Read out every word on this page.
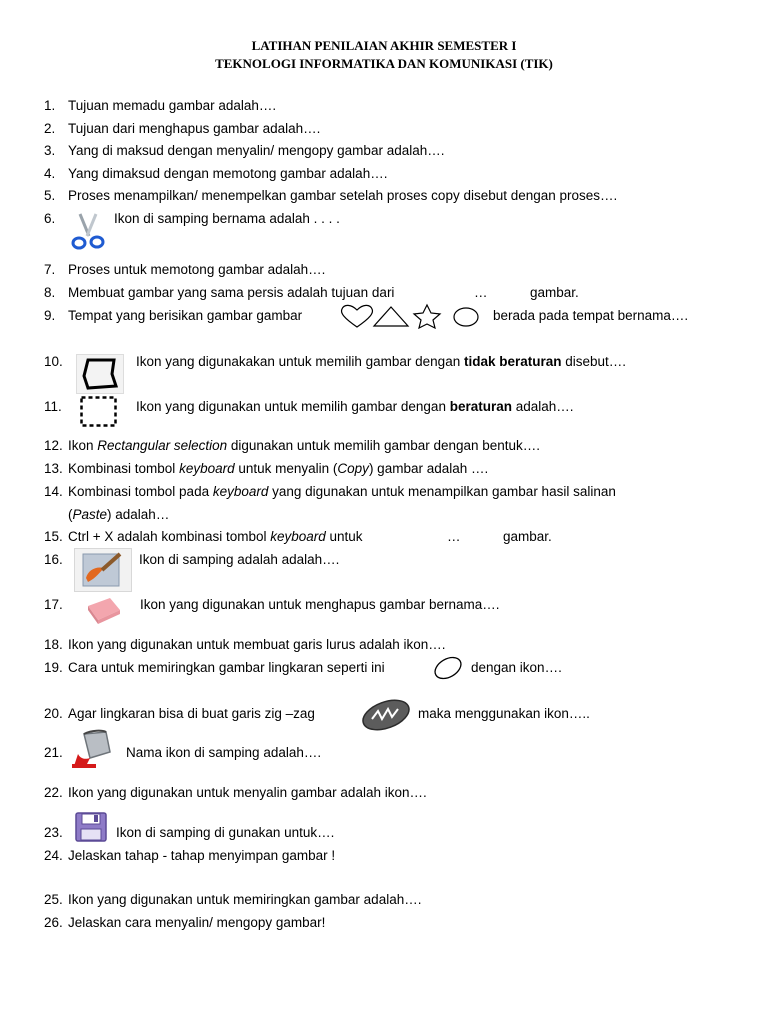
LATIHAN PENILAIAN AKHIR SEMESTER I
TEKNOLOGI INFORMATIKA DAN KOMUNIKASI (TIK)
1. Tujuan memadu gambar adalah….
2. Tujuan dari menghapus gambar adalah….
3. Yang di maksud dengan menyalin/ mengopy gambar adalah….
4. Yang dimaksud dengan memotong gambar adalah….
5. Proses menampilkan/ menempelkan gambar setelah proses copy disebut dengan proses….
6.	Ikon di samping bernama adalah . . . .
7. Proses untuk memotong gambar adalah….
8. Membuat gambar yang sama persis adalah tujuan dari	…	gambar.
9. Tempat yang berisikan gambar gambar	berada pada tempat bernama….
10.	Ikon yang digunakakan untuk memilih gambar dengan tidak beraturan disebut….
11.	Ikon yang digunakan untuk memilih gambar dengan beraturan adalah….
12. Ikon Rectangular selection digunakan untuk memilih gambar dengan bentuk….
13. Kombinasi tombol keyboard untuk menyalin (Copy) gambar adalah ….
14. Kombinasi tombol pada keyboard yang digunakan untuk menampilkan gambar hasil salinan
(Paste) adalah…
15. Ctrl + X adalah kombinasi tombol keyboard untuk	…	gambar.
16.	Ikon di samping adalah adalah….
17.	Ikon yang digunakan untuk menghapus gambar bernama….
18. Ikon yang digunakan untuk membuat garis lurus adalah ikon….
19. Cara untuk memiringkan gambar lingkaran seperti ini	dengan ikon….
20. Agar lingkaran bisa di buat garis zig –zag	maka menggunakan ikon…..
21.	Nama ikon di samping adalah….
22. Ikon yang digunakan untuk menyalin gambar adalah ikon….
23.	Ikon di samping di gunakan untuk….
24. Jelaskan tahap - tahap menyimpan gambar !
25. Ikon yang digunakan untuk memiringkan gambar adalah….
26. Jelaskan cara menyalin/ mengopy gambar!
